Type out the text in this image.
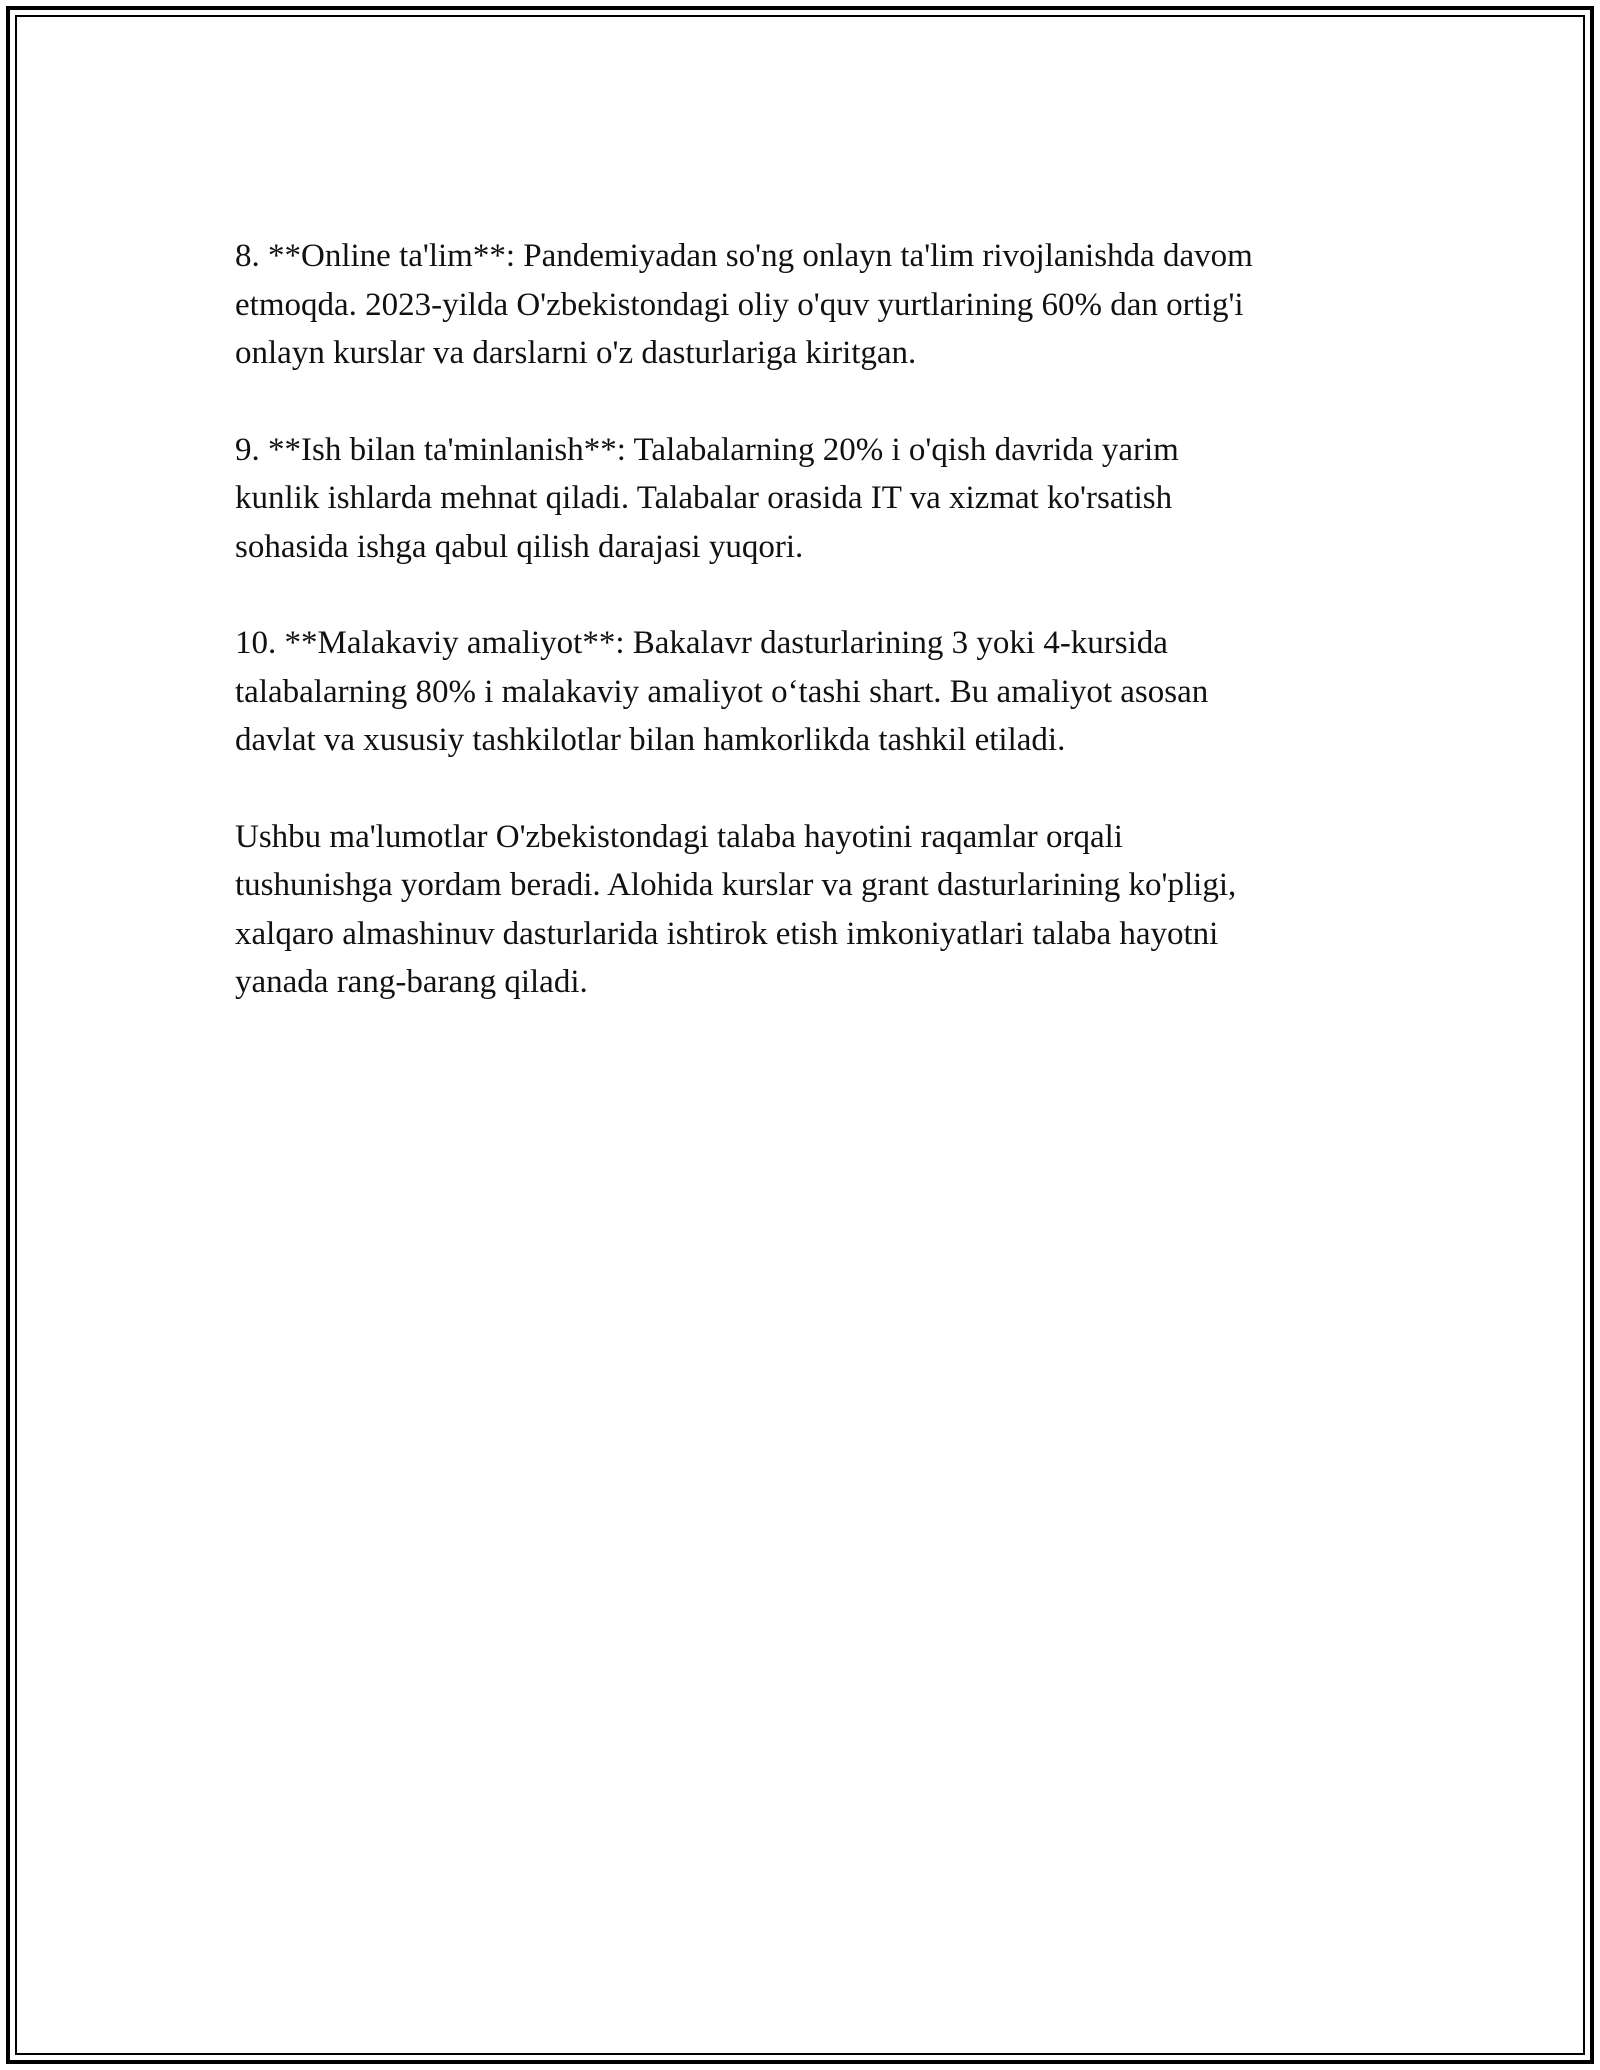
8. **Online ta'lim**: Pandemiyadan so'ng onlayn ta'lim rivojlanishda davom
etmoqda. 2023-yilda O'zbekistondagi oliy o'quv yurtlarining 60% dan ortig'i
onlayn kurslar va darslarni o'z dasturlariga kiritgan.

9. **Ish bilan ta'minlanish**: Talabalarning 20% i o'qish davrida yarim
kunlik ishlarda mehnat qiladi. Talabalar orasida IT va xizmat ko'rsatish
sohasida ishga qabul qilish darajasi yuqori.

10. **Malakaviy amaliyot**: Bakalavr dasturlarining 3 yoki 4-kursida
talabalarning 80% i malakaviy amaliyot o‘tashi shart. Bu amaliyot asosan
davlat va xususiy tashkilotlar bilan hamkorlikda tashkil etiladi.

Ushbu ma'lumotlar O'zbekistondagi talaba hayotini raqamlar orqali
tushunishga yordam beradi. Alohida kurslar va grant dasturlarining ko'pligi,
xalqaro almashinuv dasturlarida ishtirok etish imkoniyatlari talaba hayotni
yanada rang-barang qiladi.
